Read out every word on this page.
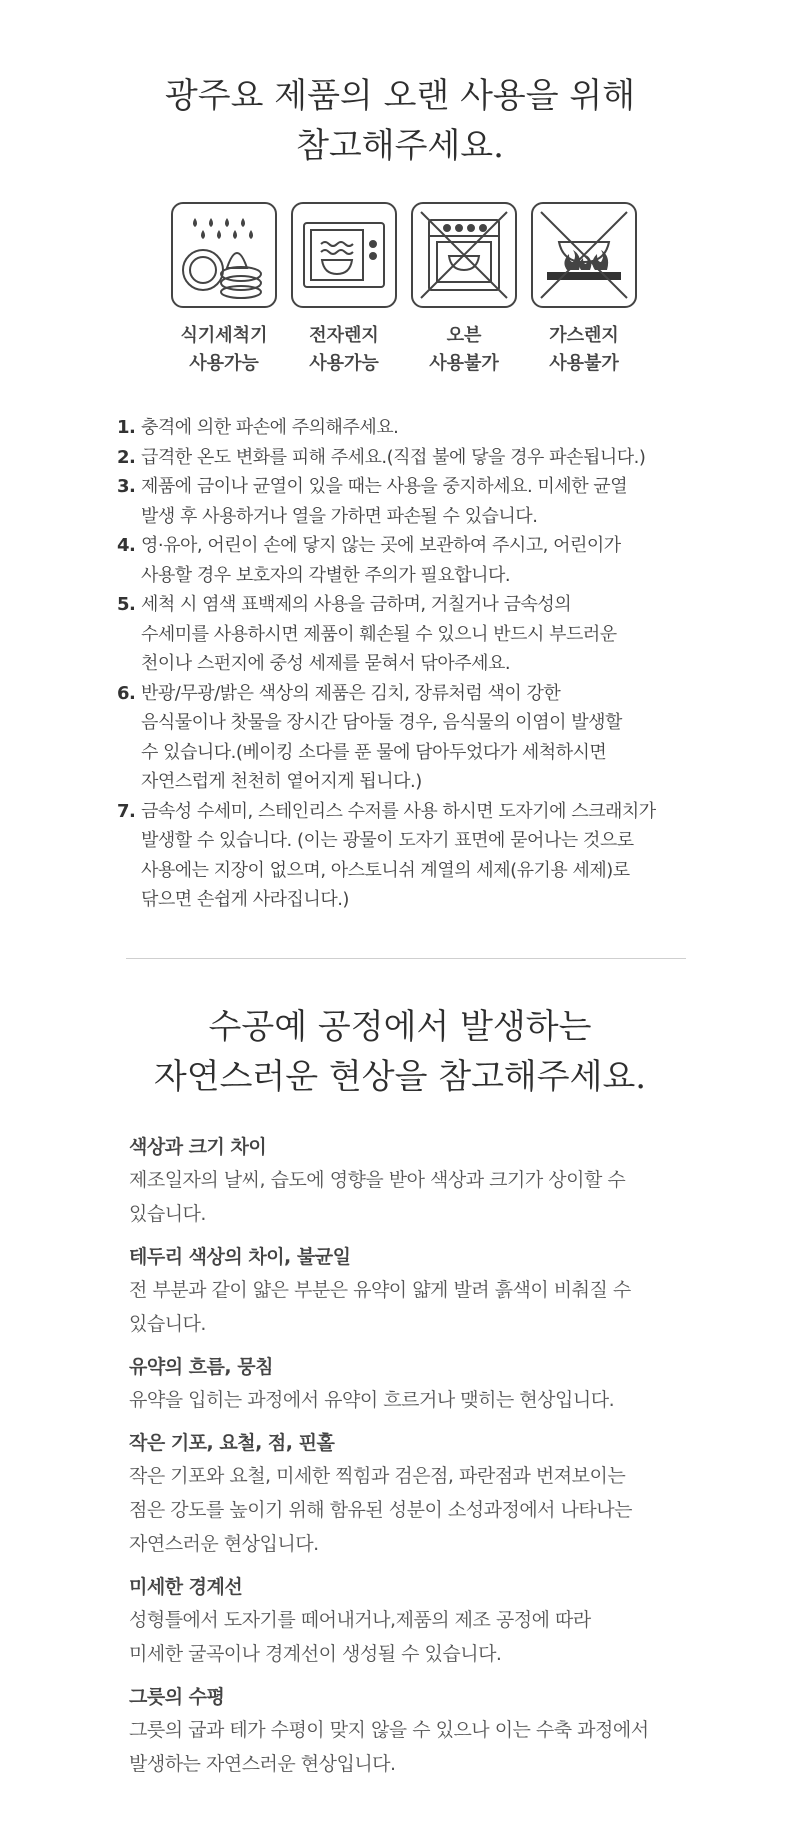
광주요 제품의 오랜 사용을 위해
참고해주세요.
식기세척기
사용가능
전자렌지
사용가능
오븐
사용불가
가스렌지
사용불가
1. 충격에 의한 파손에 주의해주세요.
2. 급격한 온도 변화를 피해 주세요.(직접 불에 닿을 경우 파손됩니다.)
3. 제품에 금이나 균열이 있을 때는 사용을 중지하세요. 미세한 균열
발생 후 사용하거나 열을 가하면 파손될 수 있습니다.
4. 영·유아, 어린이 손에 닿지 않는 곳에 보관하여 주시고, 어린이가
사용할 경우 보호자의 각별한 주의가 필요합니다.
5. 세척 시 염색 표백제의 사용을 금하며, 거칠거나 금속성의
수세미를 사용하시면 제품이 훼손될 수 있으니 반드시 부드러운
천이나 스펀지에 중성 세제를 묻혀서 닦아주세요.
6. 반광/무광/밝은 색상의 제품은 김치, 장류처럼 색이 강한
음식물이나 찻물을 장시간 담아둘 경우, 음식물의 이염이 발생할
수 있습니다.(베이킹 소다를 푼 물에 담아두었다가 세척하시면
자연스럽게 천천히 옅어지게 됩니다.)
7. 금속성 수세미, 스테인리스 수저를 사용 하시면 도자기에 스크래치가
발생할 수 있습니다. (이는 광물이 도자기 표면에 묻어나는 것으로
사용에는 지장이 없으며, 아스토니쉬 계열의 세제(유기용 세제)로
닦으면 손쉽게 사라집니다.)
수공예 공정에서 발생하는
자연스러운 현상을 참고해주세요.
색상과 크기 차이
제조일자의 날씨, 습도에 영향을 받아 색상과 크기가 상이할 수
있습니다.
테두리 색상의 차이, 불균일
전 부분과 같이 얇은 부분은 유약이 얇게 발려 흙색이 비춰질 수
있습니다.
유약의 흐름, 뭉침
유약을 입히는 과정에서 유약이 흐르거나 맺히는 현상입니다.
작은 기포, 요철, 점, 핀홀
작은 기포와 요철, 미세한 찍힘과 검은점, 파란점과 번져보이는
점은 강도를 높이기 위해 함유된 성분이 소성과정에서 나타나는
자연스러운 현상입니다.
미세한 경계선
성형틀에서 도자기를 떼어내거나,제품의 제조 공정에 따라
미세한 굴곡이나 경계선이 생성될 수 있습니다.
그릇의 수평
그릇의 굽과 테가 수평이 맞지 않을 수 있으나 이는 수축 과정에서
발생하는 자연스러운 현상입니다.
